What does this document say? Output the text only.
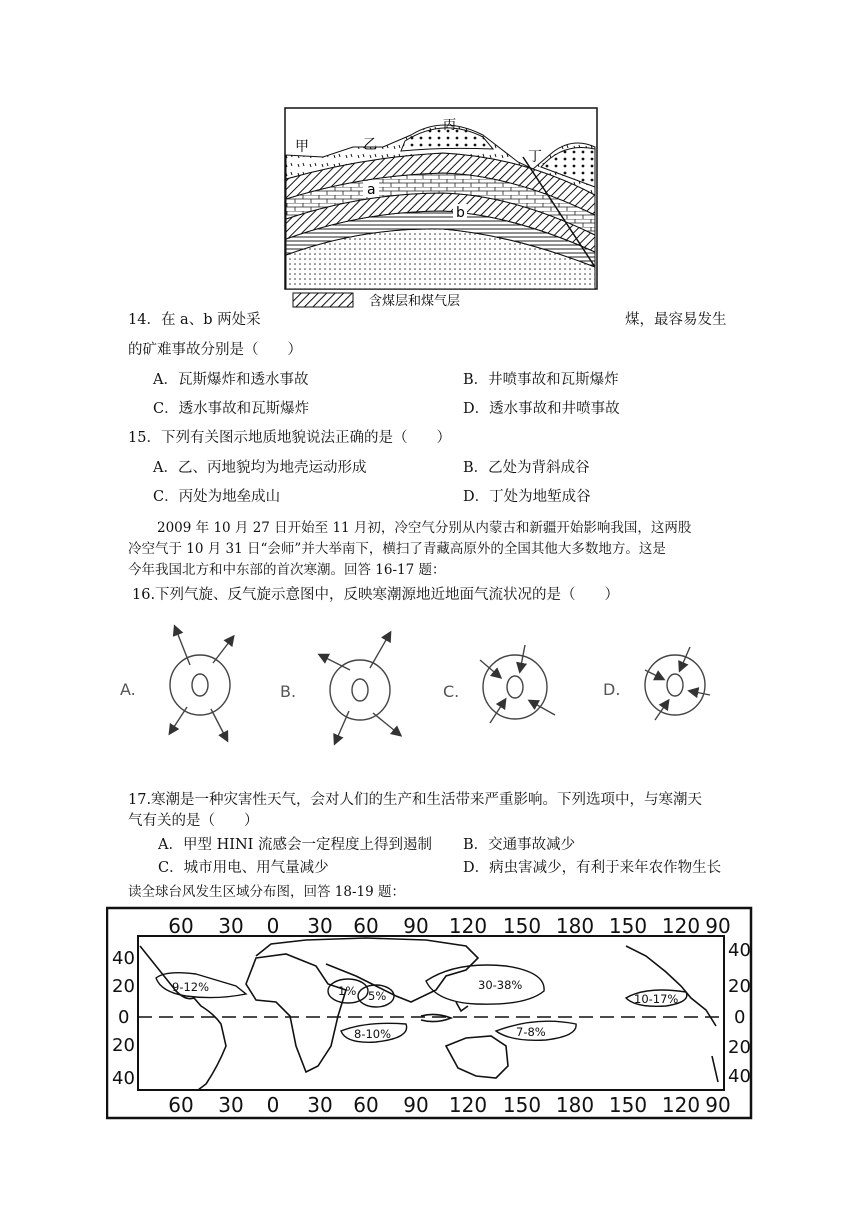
甲	乙
丙
丁
a
b
含煤层和煤气层
14．在 a、b 两处采	煤，最容易发生
的矿难事故分别是（　　）
A．瓦斯爆炸和透水事故	B．井喷事故和瓦斯爆炸
C．透水事故和瓦斯爆炸	D．透水事故和井喷事故
15．下列有关图示地质地貌说法正确的是（　　）
A．乙、丙地貌均为地壳运动形成	B．乙处为背斜成谷
C．丙处为地垒成山	D．丁处为地堑成谷
2009 年 10 月 27 日开始至 11 月初，冷空气分别从内蒙古和新疆开始影响我国，这两股
冷空气于 10 月 31 日“会师”并大举南下，横扫了青藏高原外的全国其他大多数地方。这是
今年我国北方和中东部的首次寒潮。回答 16-17 题：
16.下列气旋、反气旋示意图中，反映寒潮源地近地面气流状况的是（　　）
A.	B.	C.	D.
17.寒潮是一种灾害性天气，会对人们的生产和生活带来严重影响。下列选项中，与寒潮天
气有关的是（　　）
A．甲型 HINI 流感会一定程度上得到遏制 B．交通事故减少
C．城市用电、用气量减少	D．病虫害减少，有利于来年农作物生长
读全球台风发生区域分布图，回答 18-19 题：
9-12%	1% 5%
30-38%
10-17%
8-10%	7-8%
60 30 0 30 60 90 120 150 180 150 120 90
60 30 0 30 60 90 120 150 180 150 120 90
40
20
0
20
40
40
20
0
20
40
